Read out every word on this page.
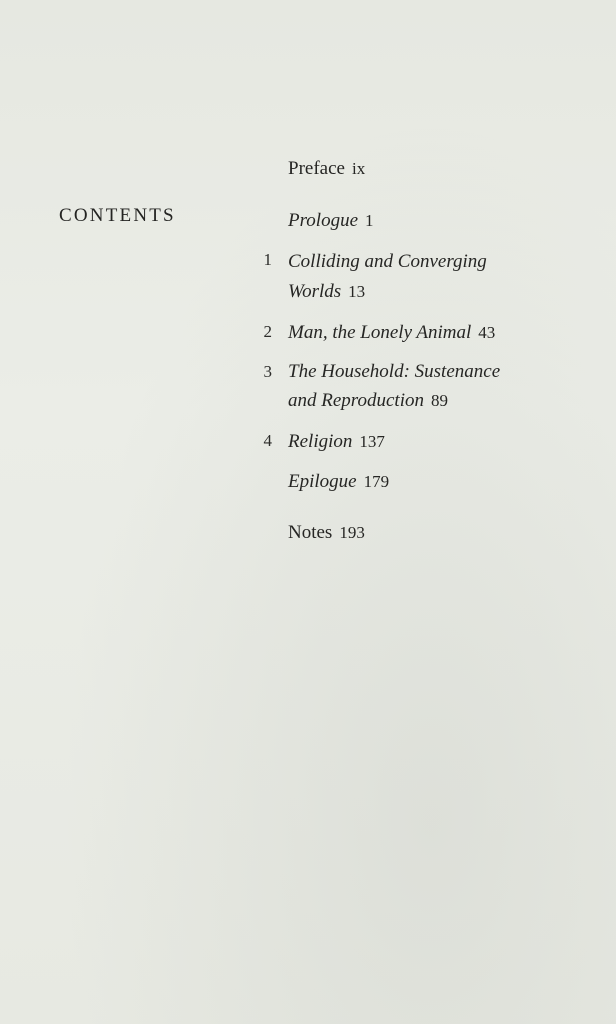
CONTENTS
Preface ix
Prologue 1
1 Colliding and Converging
Worlds 13
2 Man, the Lonely Animal 43
3 The Household: Sustenance
and Reproduction 89
4 Religion 137
Epilogue 179
Notes 193
